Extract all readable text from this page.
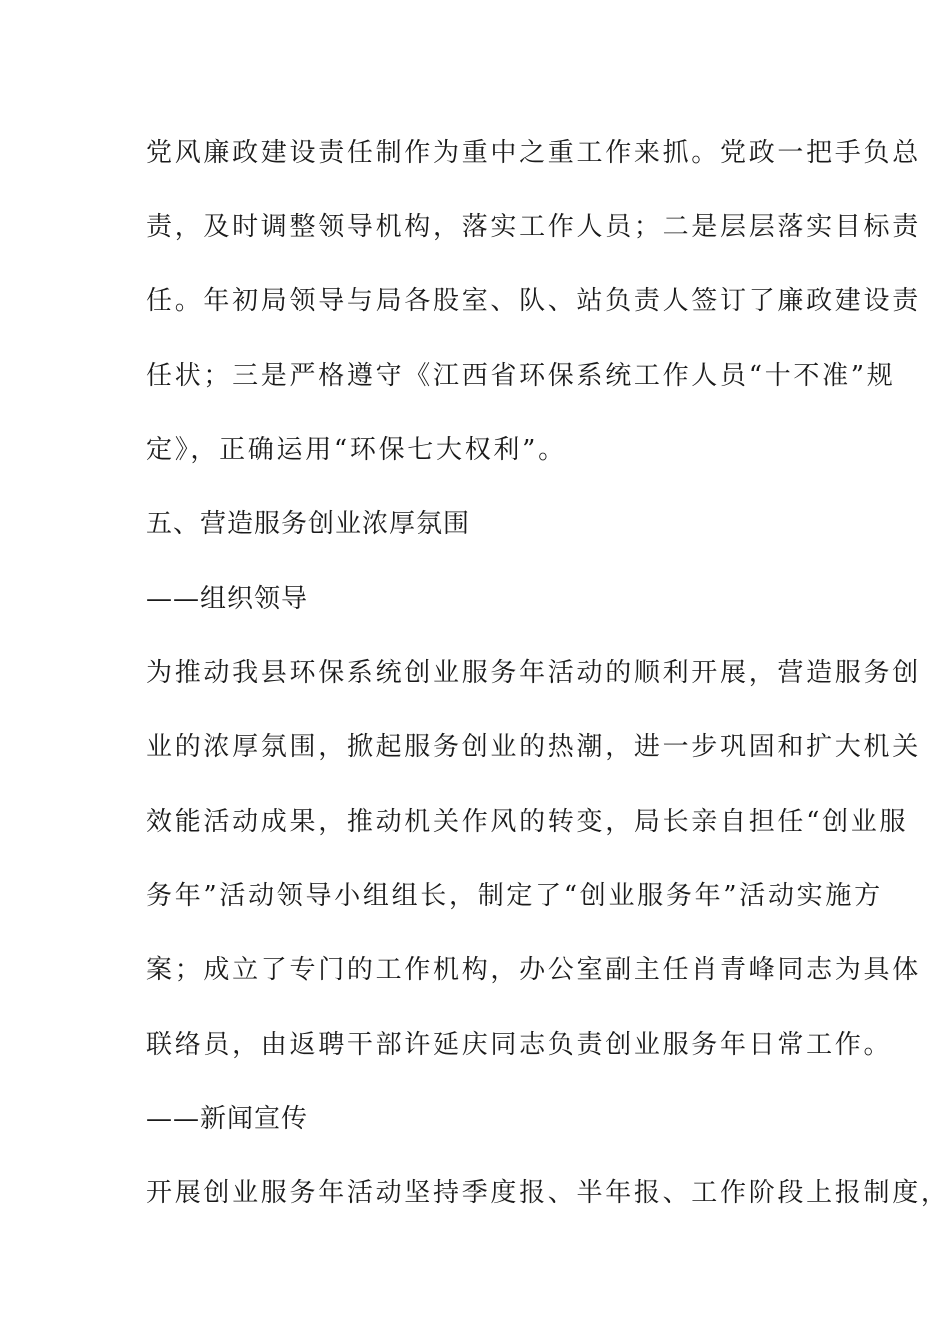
党风廉政建设责任制作为重中之重工作来抓。党政一把手负总
责，及时调整领导机构，落实工作人员；二是层层落实目标责
任。年初局领导与局各股室、队、站负责人签订了廉政建设责
任状；三是严格遵守《江西省环保系统工作人员“十不准”规
定》，正确运用“环保七大权利”。
五、营造服务创业浓厚氛围
——组织领导
为推动我县环保系统创业服务年活动的顺利开展，营造服务创
业的浓厚氛围，掀起服务创业的热潮，进一步巩固和扩大机关
效能活动成果，推动机关作风的转变，局长亲自担任“创业服
务年”活动领导小组组长，制定了“创业服务年”活动实施方
案；成立了专门的工作机构，办公室副主任肖青峰同志为具体
联络员，由返聘干部许延庆同志负责创业服务年日常工作。
——新闻宣传
开展创业服务年活动坚持季度报、半年报、工作阶段上报制度，
